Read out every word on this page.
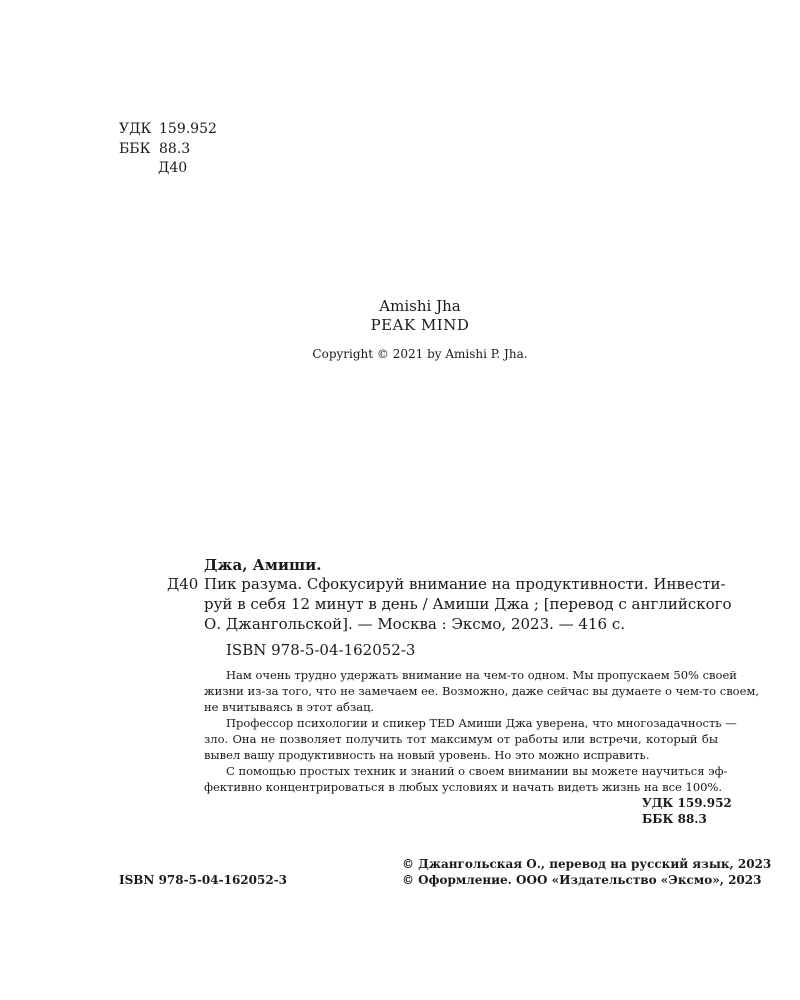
УДК 159.952
ББК 88.3
Д40
Amishi Jha
PEAK MIND
Copyright © 2021 by Amishi P. Jha.
Джа, Амиши.
Д40 Пик разума. Сфокусируй внимание на продуктивности. Инвести-
руй в себя 12 минут в день / Амиши Джа ; [перевод с английского
О. Джангольской]. — Москва : Эксмо, 2023. — 416 с.
ISBN 978-5-04-162052-3
Нам очень трудно удержать внимание на чем-то одном. Мы пропускаем 50% своей
жизни из-за того, что не замечаем ее. Возможно, даже сейчас вы думаете о чем-то своем,
не вчитываясь в этот абзац.
Профессор психологии и спикер TED Амиши Джа уверена, что многозадачность —
зло. Она не позволяет получить тот максимум от работы или встречи, который бы
вывел вашу продуктивность на новый уровень. Но это можно исправить.
С помощью простых техник и знаний о своем внимании вы можете научиться эф-
фективно концентрироваться в любых условиях и начать видеть жизнь на все 100%.
УДК 159.952
ББК 88.3
© Джангольская О., перевод на русский язык, 2023
© Оформление. ООО «Издательство «Эксмо», 2023
ISBN 978-5-04-162052-3
